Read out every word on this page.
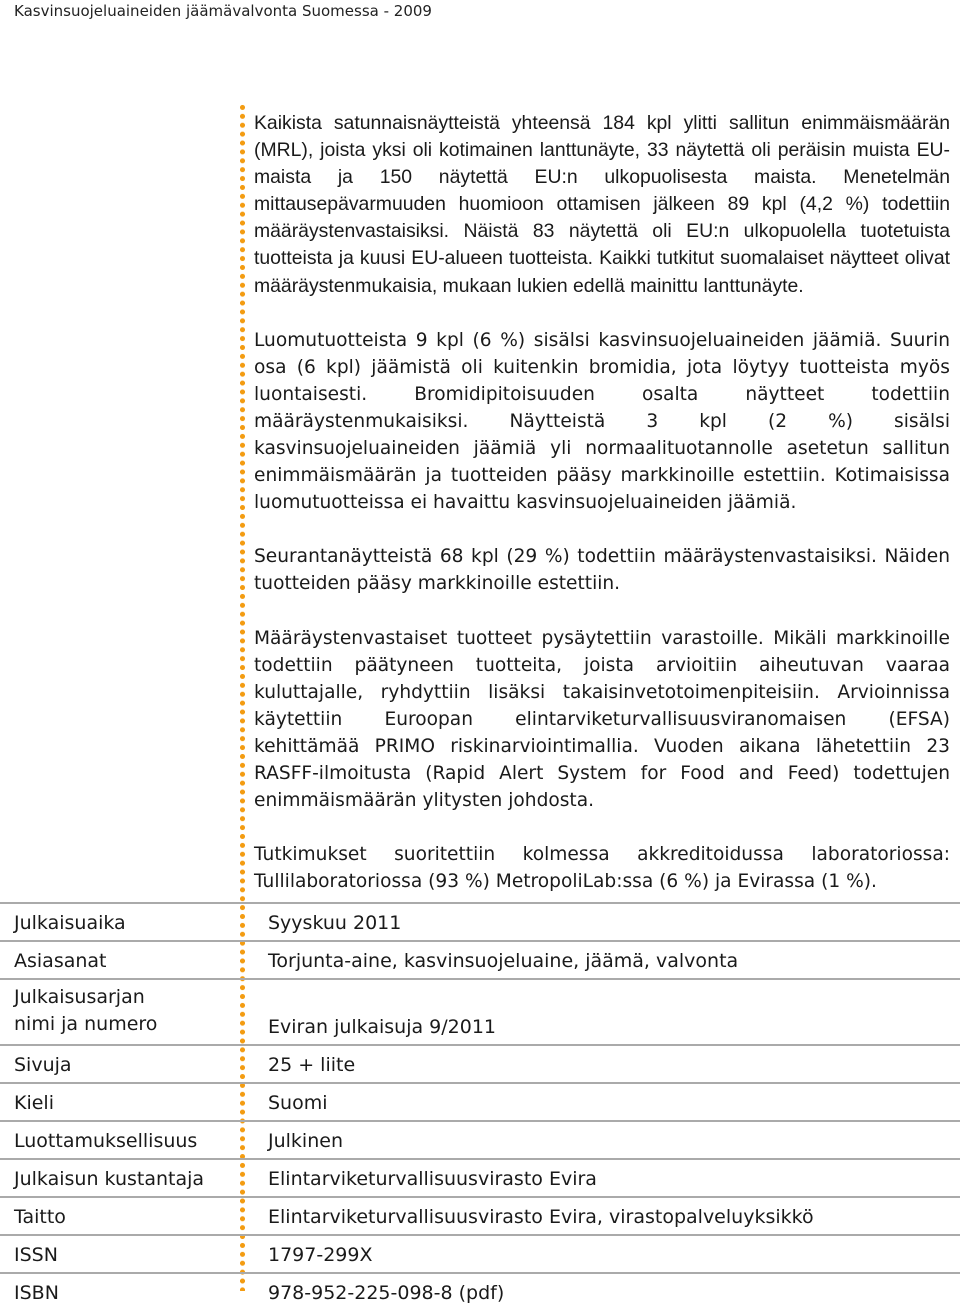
Kasvinsuojeluaineiden jäämävalvonta Suomessa - 2009

Kaikista satunnaisnäytteistä yhteensä 184 kpl ylitti sallitun enimmäismäärän (MRL), joista yksi oli kotimainen lanttunäyte, 33 näytettä oli peräisin muista EU-maista ja 150 näytettä EU:n ulkopuolisesta maista. Menetelmän mittausepävarmuuden huomioon ottamisen jälkeen 89 kpl (4,2 %) todettiin määräystenvastaisiksi. Näistä 83 näytettä oli EU:n ulkopuolella tuotetuista tuotteista ja kuusi EU-alueen tuotteista. Kaikki tutkitut suomalaiset näytteet olivat määräystenmukaisia, mukaan lukien edellä mainittu lanttunäyte.

Luomutuotteista 9 kpl (6 %) sisälsi kasvinsuojeluaineiden jäämiä. Suurin osa (6 kpl) jäämistä oli kuitenkin bromidia, jota löytyy tuotteista myös luontaisesti. Bromidipitoisuuden osalta näytteet todettiin määräystenmukaisiksi. Näytteistä 3 kpl (2 %) sisälsi kasvinsuojeluaineiden jäämiä yli normaalituotannolle asetetun sallitun enimmäismäärän ja tuotteiden pääsy markkinoille estettiin. Kotimaisissa luomutuotteissa ei havaittu kasvinsuojeluaineiden jäämiä.

Seurantanäytteistä 68 kpl (29 %) todettiin määräystenvastaisiksi. Näiden tuotteiden pääsy markkinoille estettiin.

Määräystenvastaiset tuotteet pysäytettiin varastoille. Mikäli markkinoille todettiin päätyneen tuotteita, joista arvioitiin aiheutuvan vaaraa kuluttajalle, ryhdyttiin lisäksi takaisinvetotoimenpiteisiin. Arvioinnissa käytettiin Euroopan elintarviketurvallisuusviranomaisen (EFSA) kehittämää PRIMO riskinarviointimallia. Vuoden aikana lähetettiin 23 RASFF-ilmoitusta (Rapid Alert System for Food and Feed) todettujen enimmäismäärän ylitysten johdosta.

Tutkimukset suoritettiin kolmessa akkreditoidussa laboratoriossa: Tullilaboratoriossa (93 %) MetropoliLab:ssa (6 %) ja Evirassa (1 %).

Julkaisuaika	Syyskuu 2011
Asiasanat	Torjunta-aine, kasvinsuojeluaine, jäämä, valvonta
Julkaisusarjan
nimi ja numero	Eviran julkaisuja 9/2011
Sivuja	25 + liite
Kieli	Suomi
Luottamuksellisuus	Julkinen
Julkaisun kustantaja	Elintarviketurvallisuusvirasto Evira
Taitto	Elintarviketurvallisuusvirasto Evira, virastopalveluyksikkö
ISSN	1797-299X
ISBN	978-952-225-098-8 (pdf)
